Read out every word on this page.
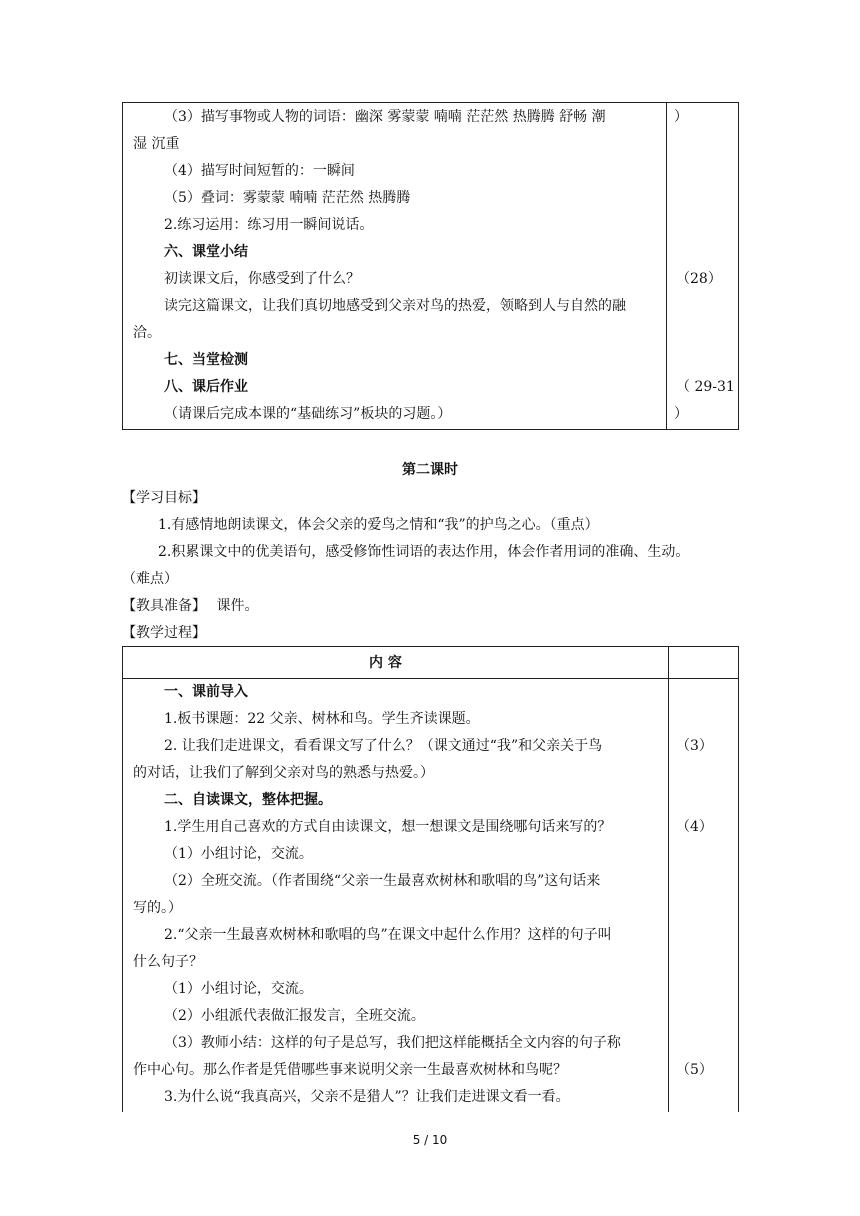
（3）描写事物或人物的词语：幽深 雾蒙蒙 喃喃 茫茫然 热腾腾 舒畅 潮
湿 沉重
（4）描写时间短暂的：一瞬间
（5）叠词：雾蒙蒙 喃喃 茫茫然 热腾腾
2.练习运用：练习用一瞬间说话。
六、课堂小结
初读课文后，你感受到了什么？
读完这篇课文，让我们真切地感受到父亲对鸟的热爱，领略到人与自然的融
洽。
七、当堂检测
八、课后作业
（请课后完成本课的“基础练习”板块的习题。）
）
（28）
（ 29-31
）
第二课时
【学习目标】
1.有感情地朗读课文，体会父亲的爱鸟之情和“我”的护鸟之心。（重点）
2.积累课文中的优美语句，感受修饰性词语的表达作用，体会作者用词的准确、生动。
（难点）
【教具准备】 课件。
【教学过程】
内 容
一、课前导入
1.板书课题：22 父亲、树林和鸟。学生齐读课题。
2. 让我们走进课文，看看课文写了什么？（课文通过“我”和父亲关于鸟
的对话，让我们了解到父亲对鸟的熟悉与热爱。）
二、自读课文，整体把握。
1.学生用自己喜欢的方式自由读课文，想一想课文是围绕哪句话来写的？
（1）小组讨论，交流。
（2）全班交流。（作者围绕“父亲一生最喜欢树林和歌唱的鸟”这句话来
写的。）
2.“父亲一生最喜欢树林和歌唱的鸟”在课文中起什么作用？这样的句子叫
什么句子？
（1）小组讨论，交流。
（2）小组派代表做汇报发言，全班交流。
（3）教师小结：这样的句子是总写，我们把这样能概括全文内容的句子称
作中心句。那么作者是凭借哪些事来说明父亲一生最喜欢树林和鸟呢？
3.为什么说“我真高兴，父亲不是猎人”？让我们走进课文看一看。
（3）
（4）
（5）
5 / 10
